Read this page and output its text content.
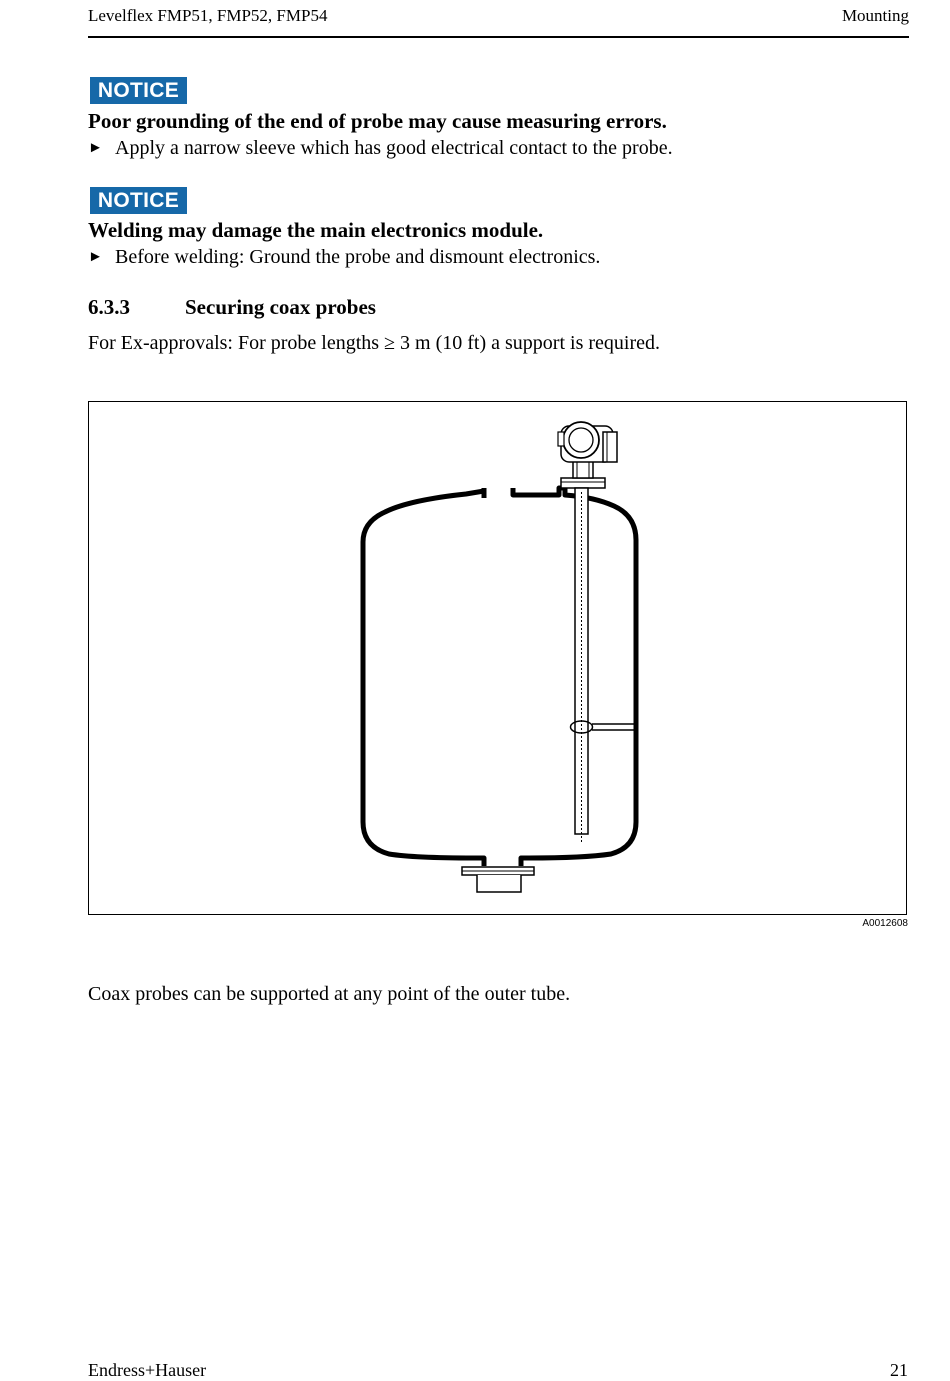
Levelflex FMP51, FMP52, FMP54	Mounting
NOTICE
Poor grounding of the end of probe may cause measuring errors.
► Apply a narrow sleeve which has good electrical contact to the probe.
NOTICE
Welding may damage the main electronics module.
► Before welding: Ground the probe and dismount electronics.
6.3.3	Securing coax probes
For Ex-approvals: For probe lengths ≥ 3 m (10 ft) a support is required.
A0012608
Coax probes can be supported at any point of the outer tube.
Endress+Hauser	21
